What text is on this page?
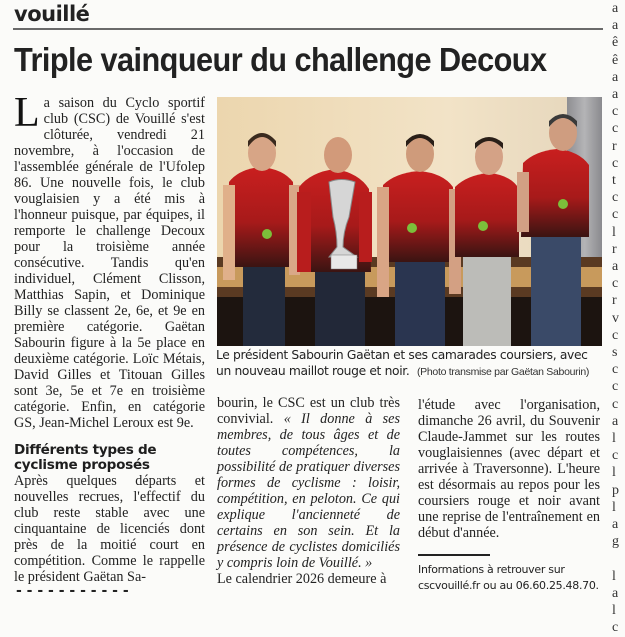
vouillé
Triple vainqueur du challenge Decoux

La saison du Cyclo sportif club (CSC) de Vouillé s'est clôturée, vendredi 21 novembre, à l'occasion de l'assemblée générale de l'Ufolep 86. Une nouvelle fois, le club vouglaisien y a été mis à l'honneur puisque, par équipes, il remporte le challenge Decoux pour la troisième année consécutive. Tandis qu'en individuel, Clément Clisson, Matthias Sapin, et Dominique Billy se classent 2e, 6e, et 9e en première catégorie. Gaëtan Sabourin figure à la 5e place en deuxième catégorie. Loïc Métais, David Gilles et Titouan Gilles sont 3e, 5e et 7e en troisième catégorie. Enfin, en catégorie GS, Jean-Michel Leroux est 9e.

Différents types de cyclisme proposés

Après quelques départs et nouvelles recrues, l'effectif du club reste stable avec une cinquantaine de licenciés dont près de la moitié court en compétition. Comme le rappelle le président Gaëtan Sa-

Le président Sabourin Gaëtan et ses camarades coursiers, avec un nouveau maillot rouge et noir. (Photo transmise par Gaëtan Sabourin)

bourin, le CSC est un club très convivial. « Il donne à ses membres, de tous âges et de toutes compétences, la possibilité de pratiquer diverses formes de cyclisme : loisir, compétition, en peloton. Ce qui explique l'ancienneté de certains en son sein. Et la présence de cyclistes domiciliés y compris loin de Vouillé. »

Le calendrier 2026 demeure à

l'étude avec l'organisation, dimanche 26 avril, du Souvenir Claude-Jammet sur les routes vouglaisiennes (avec départ et arrivée à Traversonne). L'heure est désormais au repos pour les coursiers rouge et noir avant une reprise de l'entraînement en début d'année.

Informations à retrouver sur cscvouillé.fr ou au 06.60.25.48.70.
a
a
ê
ê
a
a
c
c
r
c
t
c
c
l
r
a
c
r
v
c
s
c
c
c
a
l
c
l
p
l
a
g

l
a
l
c
- - - - - - - - - - -
